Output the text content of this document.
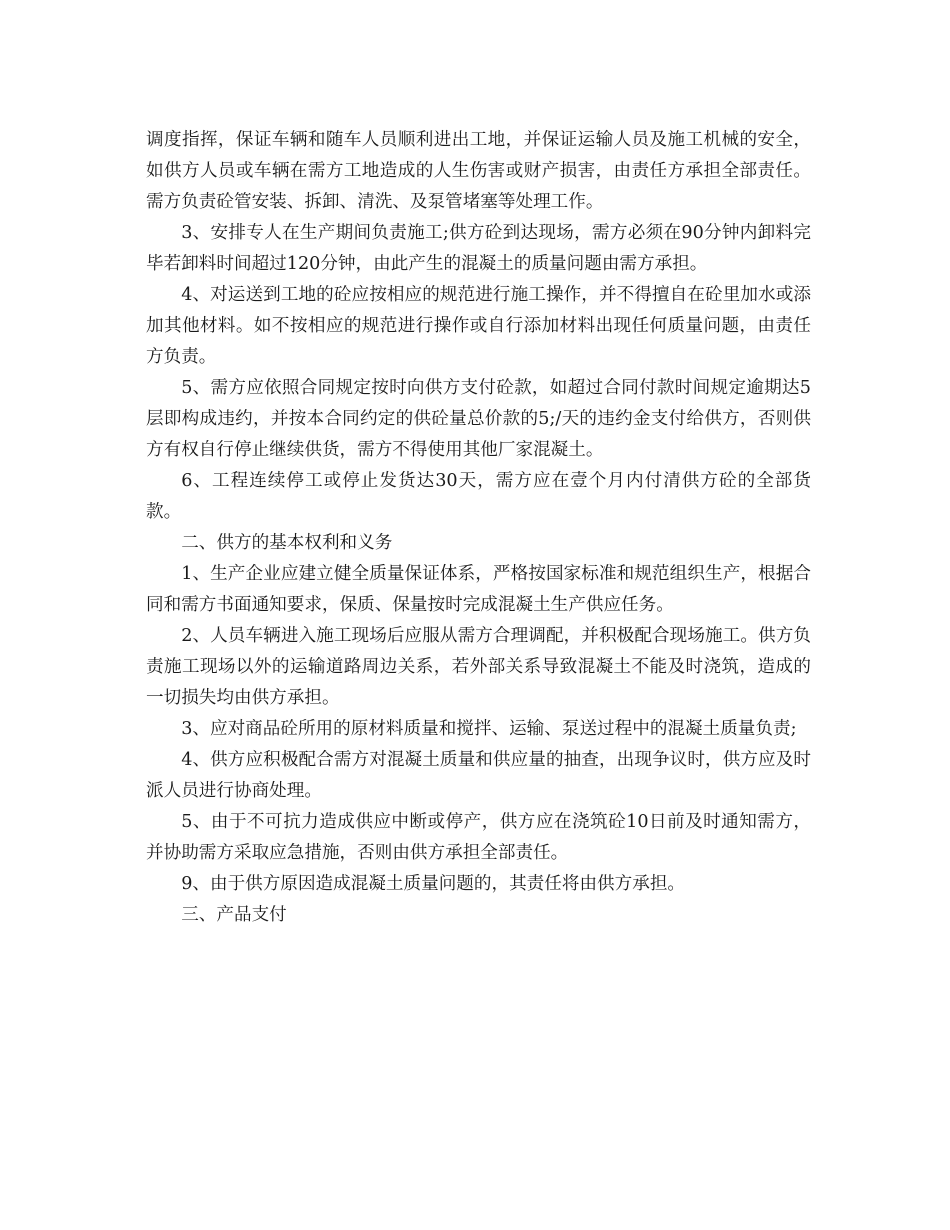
调度指挥，保证车辆和随车人员顺利进出工地，并保证运输人员及施工机械的安全，如供方人员或车辆在需方工地造成的人生伤害或财产损害，由责任方承担全部责任。需方负责砼管安装、拆卸、清洗、及泵管堵塞等处理工作。

3、安排专人在生产期间负责施工;供方砼到达现场，需方必须在90分钟内卸料完毕若卸料时间超过120分钟，由此产生的混凝土的质量问题由需方承担。

4、对运送到工地的砼应按相应的规范进行施工操作，并不得擅自在砼里加水或添加其他材料。如不按相应的规范进行操作或自行添加材料出现任何质量问题，由责任方负责。

5、需方应依照合同规定按时向供方支付砼款，如超过合同付款时间规定逾期达5层即构成违约，并按本合同约定的供砼量总价款的5;/天的违约金支付给供方，否则供方有权自行停止继续供货，需方不得使用其他厂家混凝土。

6、工程连续停工或停止发货达30天，需方应在壹个月内付清供方砼的全部货款。

二、供方的基本权利和义务

1、生产企业应建立健全质量保证体系，严格按国家标准和规范组织生产，根据合同和需方书面通知要求，保质、保量按时完成混凝土生产供应任务。

2、人员车辆进入施工现场后应服从需方合理调配，并积极配合现场施工。供方负责施工现场以外的运输道路周边关系，若外部关系导致混凝土不能及时浇筑，造成的一切损失均由供方承担。

3、应对商品砼所用的原材料质量和搅拌、运输、泵送过程中的混凝土质量负责;

4、供方应积极配合需方对混凝土质量和供应量的抽查，出现争议时，供方应及时派人员进行协商处理。

5、由于不可抗力造成供应中断或停产，供方应在浇筑砼10日前及时通知需方，并协助需方采取应急措施，否则由供方承担全部责任。

9、由于供方原因造成混凝土质量问题的，其责任将由供方承担。

三、产品支付
